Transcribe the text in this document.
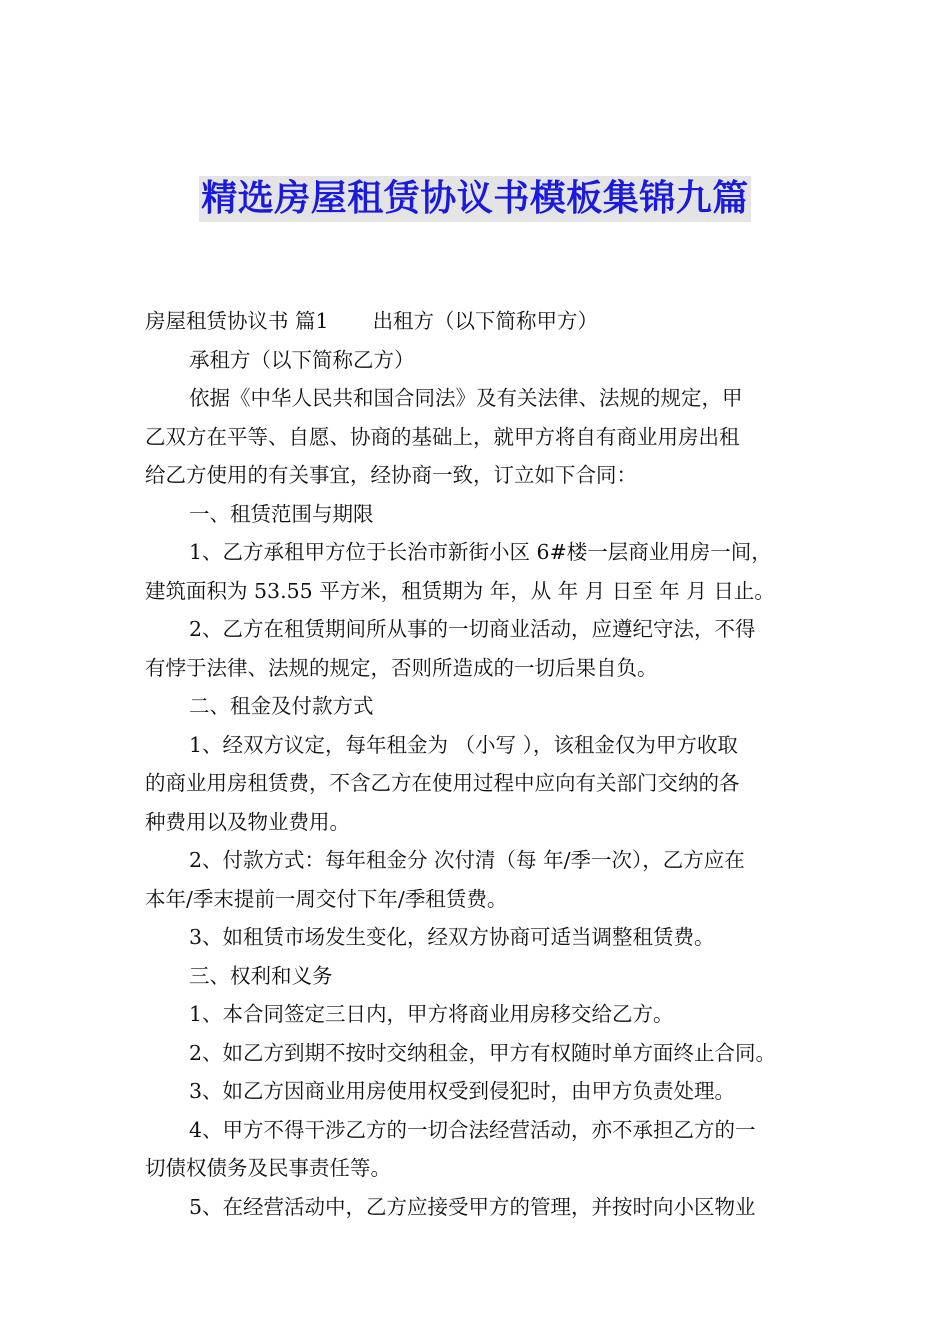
精选房屋租赁协议书模板集锦九篇

房屋租赁协议书 篇1 出租方（以下简称甲方）

承租方（以下简称乙方）

依据《中华人民共和国合同法》及有关法律、法规的规定，甲

乙双方在平等、自愿、协商的基础上，就甲方将自有商业用房出租

给乙方使用的有关事宜，经协商一致，订立如下合同：

一、租赁范围与期限

1、乙方承租甲方位于长治市新街小区 6#楼一层商业用房一间，

建筑面积为 53.55 平方米，租赁期为 年，从 年 月 日至 年 月 日止。

2、乙方在租赁期间所从事的一切商业活动，应遵纪守法，不得

有悖于法律、法规的规定，否则所造成的一切后果自负。

二、租金及付款方式

1、经双方议定，每年租金为 （小写 ），该租金仅为甲方收取

的商业用房租赁费，不含乙方在使用过程中应向有关部门交纳的各

种费用以及物业费用。

2、付款方式：每年租金分 次付清（每 年/季一次），乙方应在

本年/季末提前一周交付下年/季租赁费。

3、如租赁市场发生变化，经双方协商可适当调整租赁费。

三、权利和义务

1、本合同签定三日内，甲方将商业用房移交给乙方。

2、如乙方到期不按时交纳租金，甲方有权随时单方面终止合同。

3、如乙方因商业用房使用权受到侵犯时，由甲方负责处理。

4、甲方不得干涉乙方的一切合法经营活动，亦不承担乙方的一

切债权债务及民事责任等。

5、在经营活动中，乙方应接受甲方的管理，并按时向小区物业
